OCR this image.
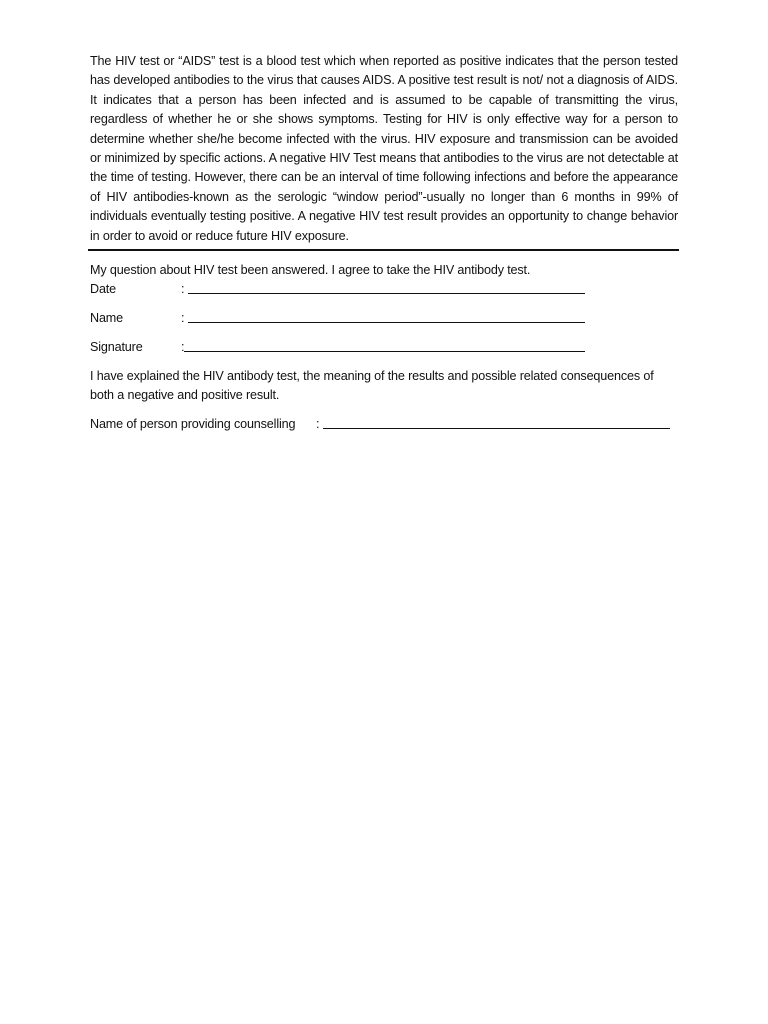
The HIV test or “AIDS” test is a blood test which when reported as positive indicates that the person tested has developed antibodies to the virus that causes AIDS. A positive test result is not/ not a diagnosis of AIDS. It indicates that a person has been infected and is assumed to be capable of transmitting the virus, regardless of whether he or she shows symptoms. Testing for HIV is only effective way for a person to determine whether she/he become infected with the virus. HIV exposure and transmission can be avoided or minimized by specific actions. A negative HIV Test means that antibodies to the virus are not detectable at the time of testing. However, there can be an interval of time following infections and before the appearance of HIV antibodies-known as the serologic “window period”-usually no longer than 6 months in 99% of individuals eventually testing positive. A negative HIV test result provides an opportunity to change behavior in order to avoid or reduce future HIV exposure.

My question about HIV test been answered. I agree to take the HIV antibody test.

Date	:
Name	:
Signature	:

I have explained the HIV antibody test, the meaning of the results and possible related consequences of both a negative and positive result.

Name of person providing counselling	:
